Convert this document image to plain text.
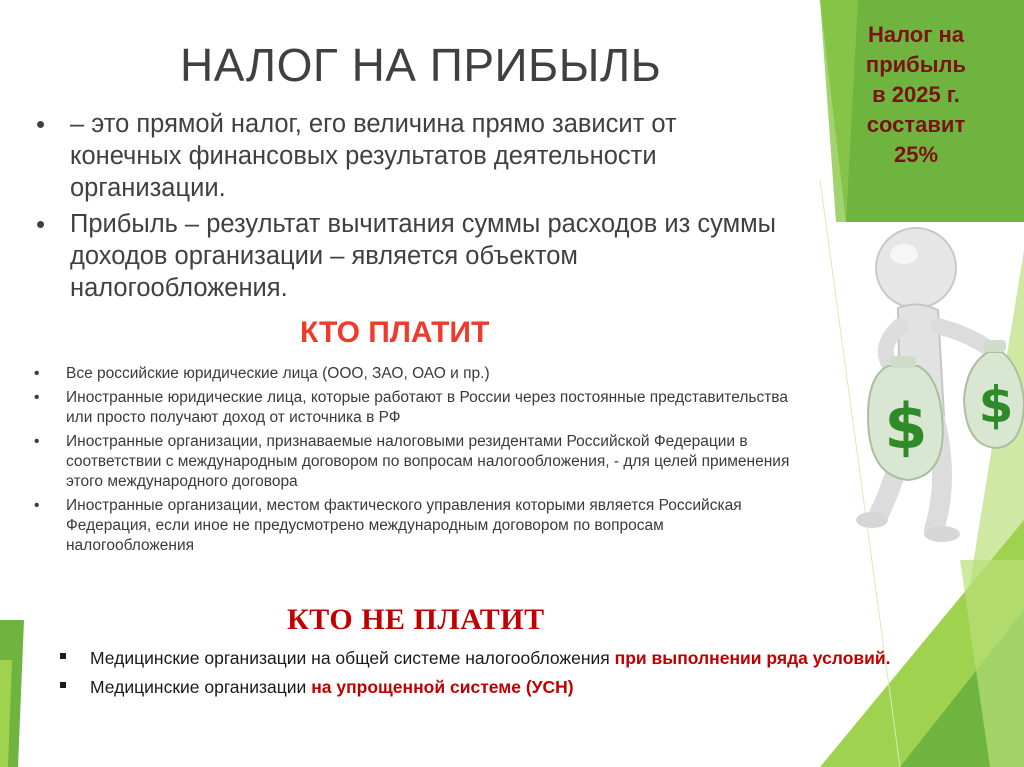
НАЛОГ НА ПРИБЫЛЬ
• – это прямой налог, его величина прямо зависит от конечных финансовых результатов деятельности организации.
• Прибыль – результат вычитания суммы расходов из суммы доходов организации – является объектом налогообложения.
КТО ПЛАТИТ
• Все российские юридические лица (ООО, ЗАО, ОАО и пр.)
• Иностранные юридические лица, которые работают в России через постоянные представительства или просто получают доход от источника в РФ
• Иностранные организации, признаваемые налоговыми резидентами Российской Федерации в соответствии с международным договором по вопросам налогообложения, - для целей применения этого международного договора
• Иностранные организации, местом фактического управления которыми является Российская Федерация, если иное не предусмотрено международным договором по вопросам налогообложения
КТО НЕ ПЛАТИТ
Медицинские организации на общей системе налогообложения при выполнении ряда условий.
Медицинские организации на упрощенной системе (УСН)
Налог на
прибыль
в 2025 г.
составит
25%
$ $
